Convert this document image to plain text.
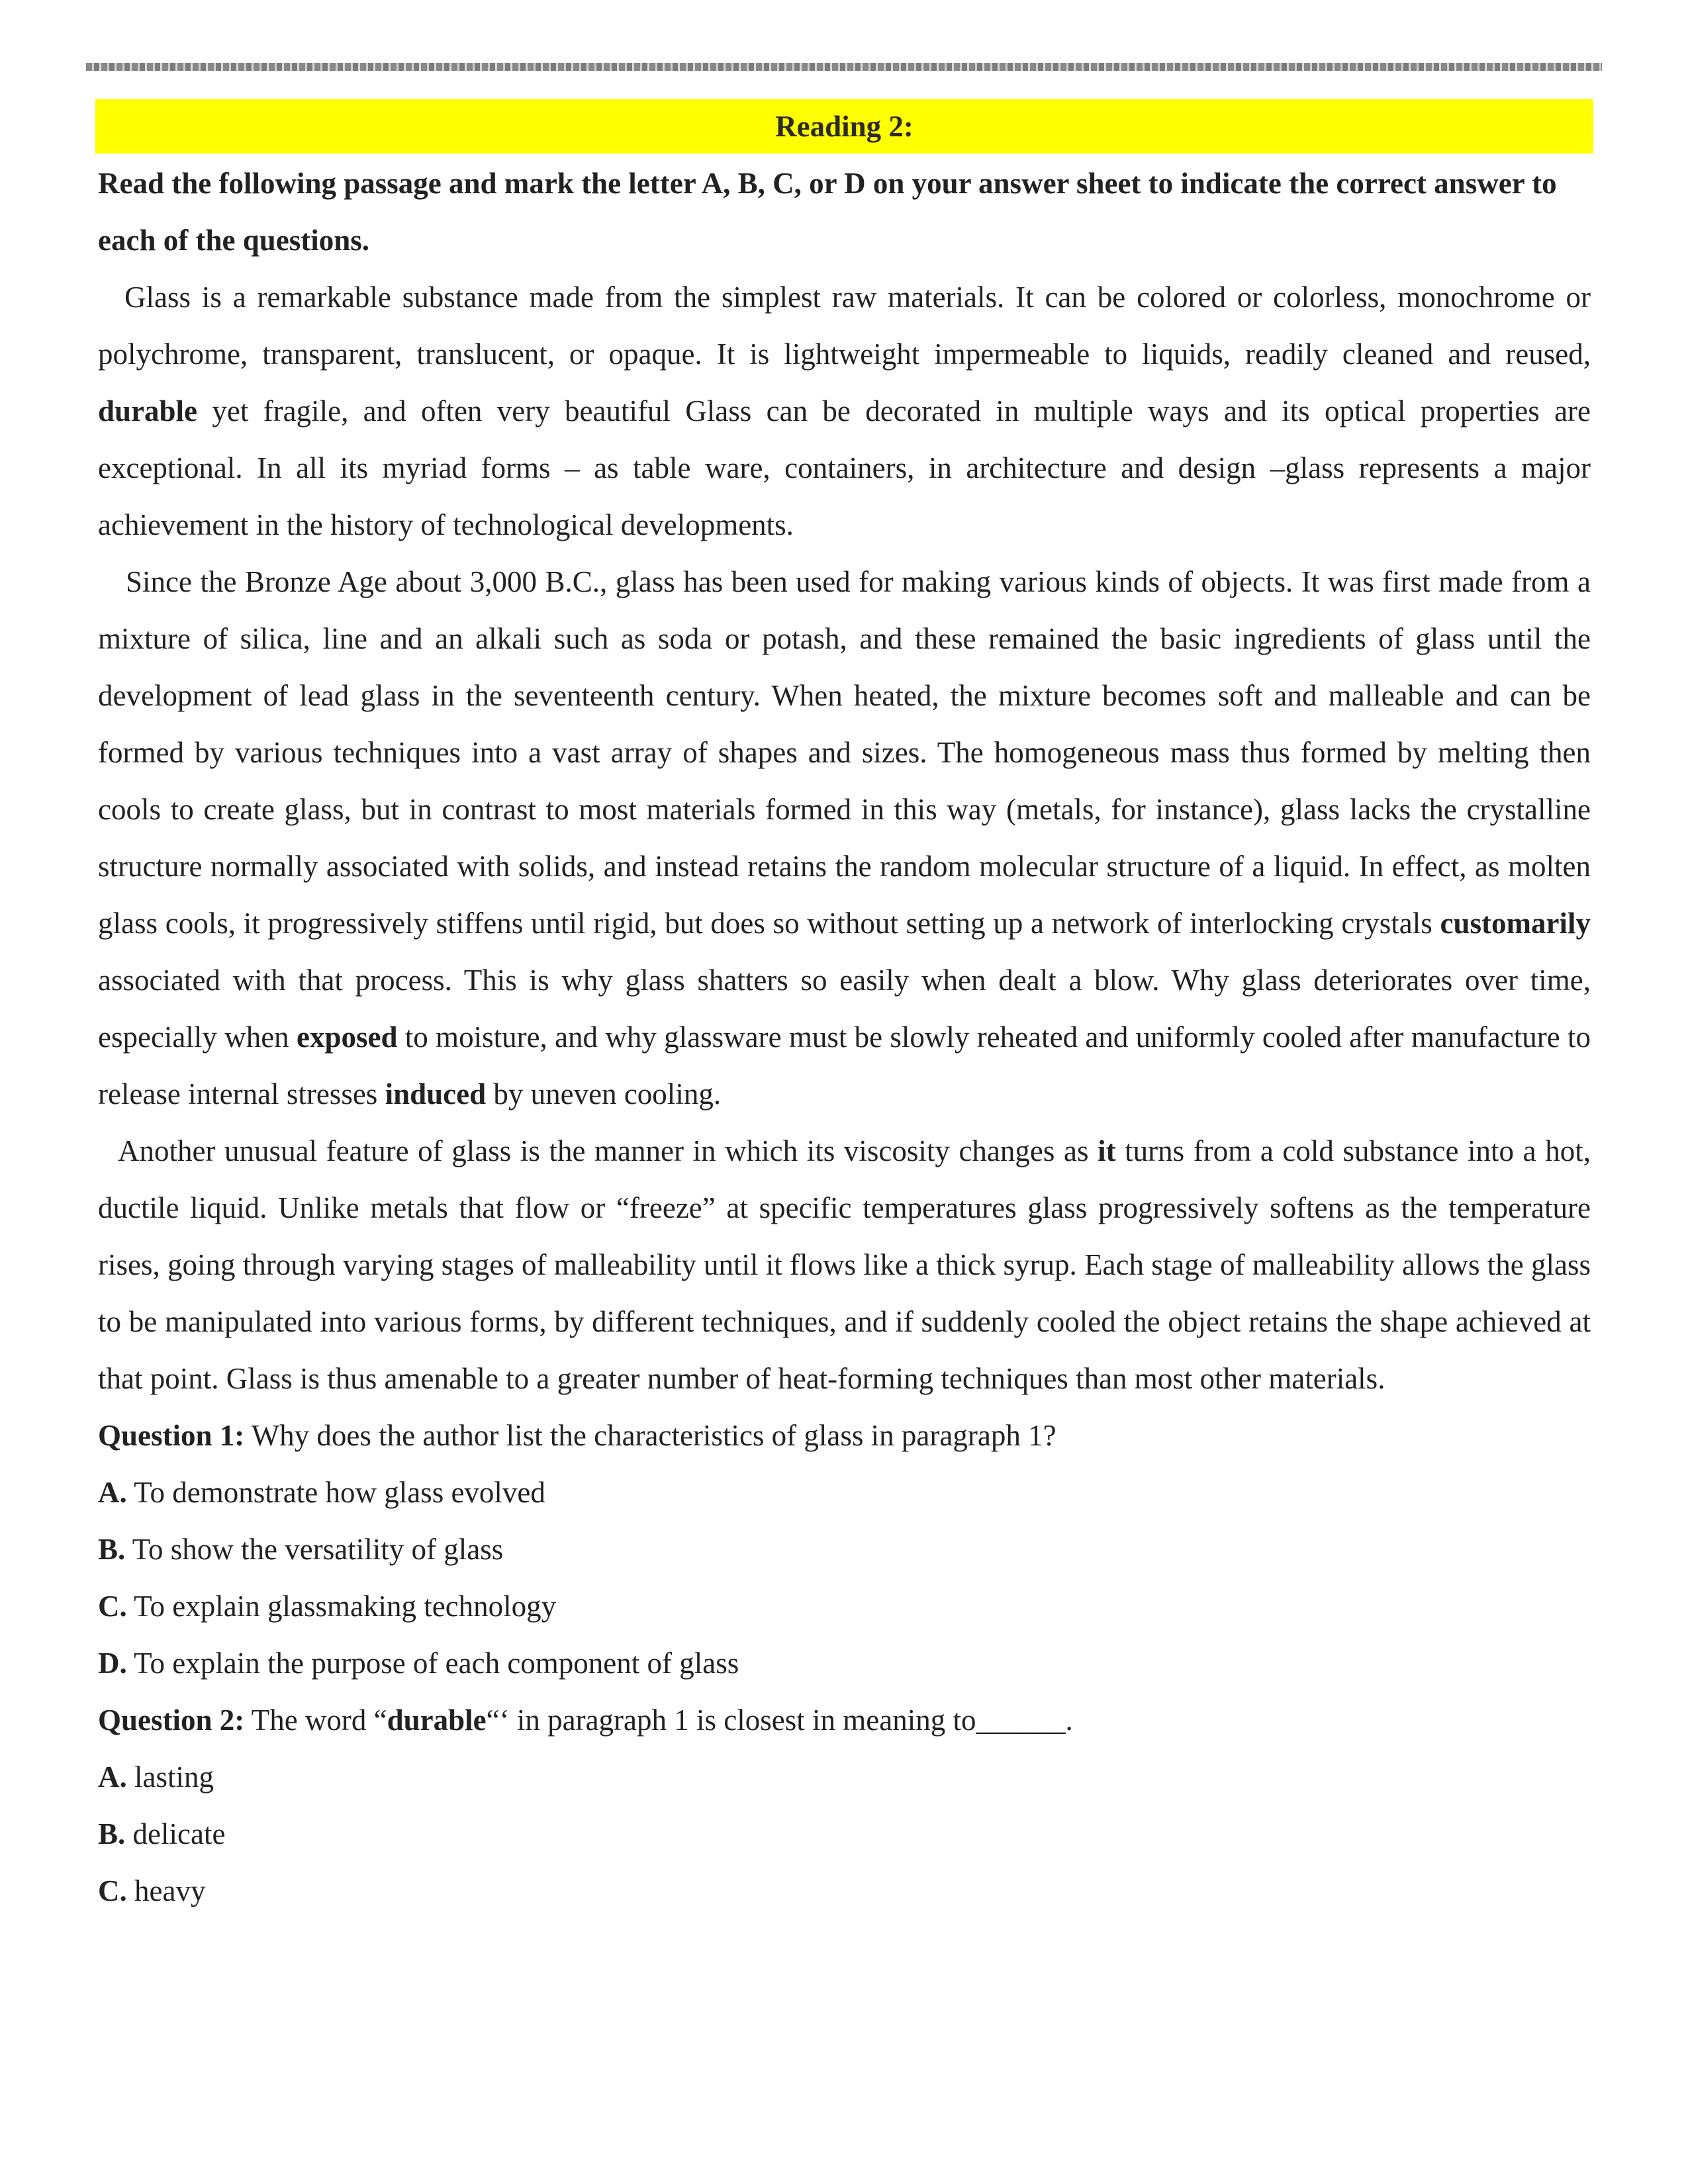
Reading 2:
Read the following passage and mark the letter A, B, C, or D on your answer sheet to indicate the correct answer to each of the questions.

Glass is a remarkable substance made from the simplest raw materials. It can be colored or colorless, monochrome or polychrome, transparent, translucent, or opaque. It is lightweight impermeable to liquids, readily cleaned and reused, durable yet fragile, and often very beautiful Glass can be decorated in multiple ways and its optical properties are exceptional. In all its myriad forms – as table ware, containers, in architecture and design –glass represents a major achievement in the history of technological developments.

Since the Bronze Age about 3,000 B.C., glass has been used for making various kinds of objects. It was first made from a mixture of silica, line and an alkali such as soda or potash, and these remained the basic ingredients of glass until the development of lead glass in the seventeenth century. When heated, the mixture becomes soft and malleable and can be formed by various techniques into a vast array of shapes and sizes. The homogeneous mass thus formed by melting then cools to create glass, but in contrast to most materials formed in this way (metals, for instance), glass lacks the crystalline structure normally associated with solids, and instead retains the random molecular structure of a liquid. In effect, as molten glass cools, it progressively stiffens until rigid, but does so without setting up a network of interlocking crystals customarily associated with that process. This is why glass shatters so easily when dealt a blow. Why glass deteriorates over time, especially when exposed to moisture, and why glassware must be slowly reheated and uniformly cooled after manufacture to release internal stresses induced by uneven cooling.

Another unusual feature of glass is the manner in which its viscosity changes as it turns from a cold substance into a hot, ductile liquid. Unlike metals that flow or “freeze” at specific temperatures glass progressively softens as the temperature rises, going through varying stages of malleability until it flows like a thick syrup. Each stage of malleability allows the glass to be manipulated into various forms, by different techniques, and if suddenly cooled the object retains the shape achieved at that point. Glass is thus amenable to a greater number of heat-forming techniques than most other materials.

Question 1: Why does the author list the characteristics of glass in paragraph 1?

A. To demonstrate how glass evolved

B. To show the versatility of glass

C. To explain glassmaking technology

D. To explain the purpose of each component of glass

Question 2: The word “durable“‘ in paragraph 1 is closest in meaning to______.

A. lasting

B. delicate

C. heavy
